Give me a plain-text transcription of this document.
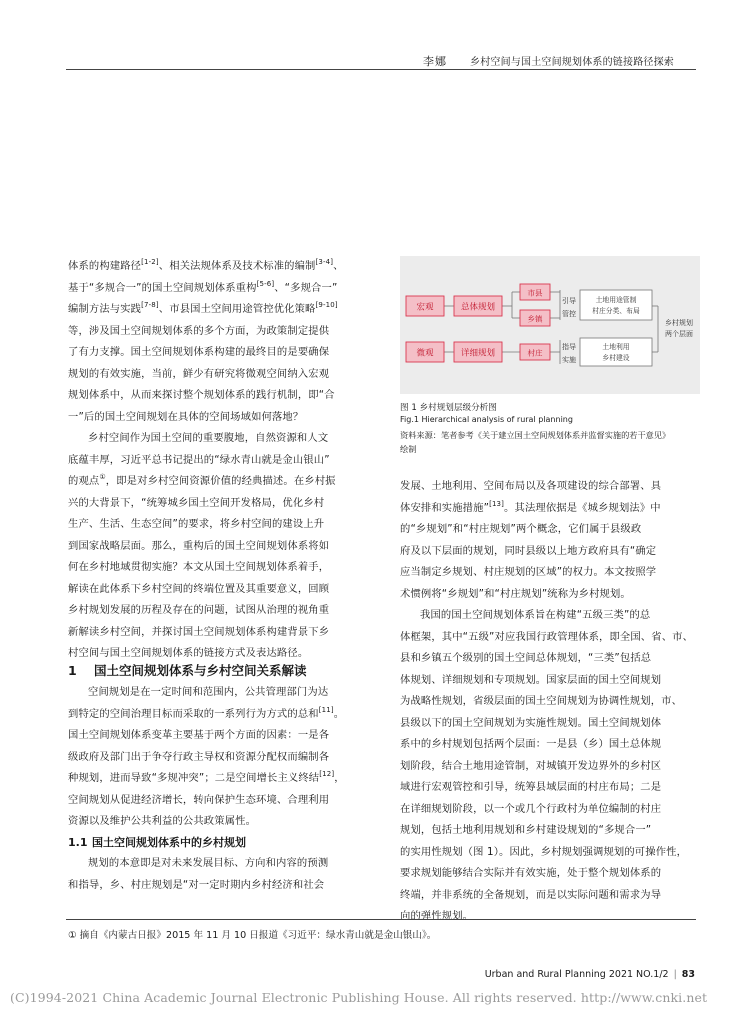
李娜 乡村空间与国土空间规划体系的链接路径探索

体系的构建路径[1-2]、相关法规体系及技术标准的编制[3-4]、

基于“多规合一”的国土空间规划体系重构[5-6]、“多规合一”

编制方法与实践[7-8]、市县国土空间用途管控优化策略[9-10]

等，涉及国土空间规划体系的多个方面，为政策制定提供

了有力支撑。国土空间规划体系构建的最终目的是要确保

规划的有效实施，当前，鲜少有研究将微观空间纳入宏观

规划体系中，从而来探讨整个规划体系的践行机制，即“合

一”后的国土空间规划在具体的空间场域如何落地？

乡村空间作为国土空间的重要腹地，自然资源和人文

底蕴丰厚，习近平总书记提出的“绿水青山就是金山银山”

的观点①，即是对乡村空间资源价值的经典描述。在乡村振

兴的大背景下，“统筹城乡国土空间开发格局，优化乡村

生产、生活、生态空间”的要求，将乡村空间的建设上升

到国家战略层面。那么，重构后的国土空间规划体系将如

何在乡村地域贯彻实施？本文从国土空间规划体系着手，

解读在此体系下乡村空间的终端位置及其重要意义，回顾

乡村规划发展的历程及存在的问题，试图从治理的视角重

新解读乡村空间，并探讨国土空间规划体系构建背景下乡

村空间与国土空间规划体系的链接方式及表达路径。

1 国土空间规划体系与乡村空间关系解读

空间规划是在一定时间和范围内，公共管理部门为达

到特定的空间治理目标而采取的一系列行为方式的总和[11]。

国土空间规划体系变革主要基于两个方面的因素：一是各

级政府及部门出于争夺行政主导权和资源分配权而编制各

种规划，进而导致“多规冲突”；二是空间增长主义终结[12]，

空间规划从促进经济增长，转向保护生态环境、合理利用

资源以及维护公共利益的公共政策属性。

1.1 国土空间规划体系中的乡村规划

规划的本意即是对未来发展目标、方向和内容的预测

和指导，乡、村庄规划是“对一定时期内乡村经济和社会

发展、土地利用、空间布局以及各项建设的综合部署、具

体安排和实施措施”[13]。其法理依据是《城乡规划法》中

的“乡规划”和“村庄规划”两个概念，它们属于县级政

府及以下层面的规划，同时县级以上地方政府具有“确定

应当制定乡规划、村庄规划的区域”的权力。本文按照学

术惯例将“乡规划”和“村庄规划”统称为乡村规划。

我国的国土空间规划体系旨在构建“五级三类”的总

体框架，其中“五级”对应我国行政管理体系，即全国、省、市、

县和乡镇五个级别的国土空间总体规划，“三类”包括总

体规划、详细规划和专项规划。国家层面的国土空间规划

为战略性规划，省级层面的国土空间规划为协调性规划，市、

县级以下的国土空间规划为实施性规划。国土空间规划体

系中的乡村规划包括两个层面：一是县（乡）国土总体规

划阶段，结合土地用途管制，对城镇开发边界外的乡村区

域进行宏观管控和引导，统筹县域层面的村庄布局；二是

在详细规划阶段，以一个或几个行政村为单位编制的村庄

规划，包括土地利用规划和乡村建设规划的“多规合一”

的实用性规划（图 1）。因此，乡村规划强调规划的可操作性，

要求规划能够结合实际并有效实施，处于整个规划体系的

终端，并非系统的全备规划，而是以实际问题和需求为导

向的弹性规划。

宏观	总体规划
市县
乡镇
微观	详细规划	村庄
引导
管控
指导
实施
土地用途管制
村庄分类、布局
土地利用
乡村建设
乡村规划
两个层面
图 1 乡村规划层级分析图
Fig.1 Hierarchical analysis of rural planning
资料来源：笔者参考《关于建立国土空间规划体系并监督实施的若干意见》
绘制
① 摘自《内蒙古日报》2015 年 11 月 10 日报道《习近平：绿水青山就是金山银山》。
Urban and Rural Planning 2021 NO.1/2 | 83
(C)1994-2021 China Academic Journal Electronic Publishing House. All rights reserved. http://www.cnki.net
